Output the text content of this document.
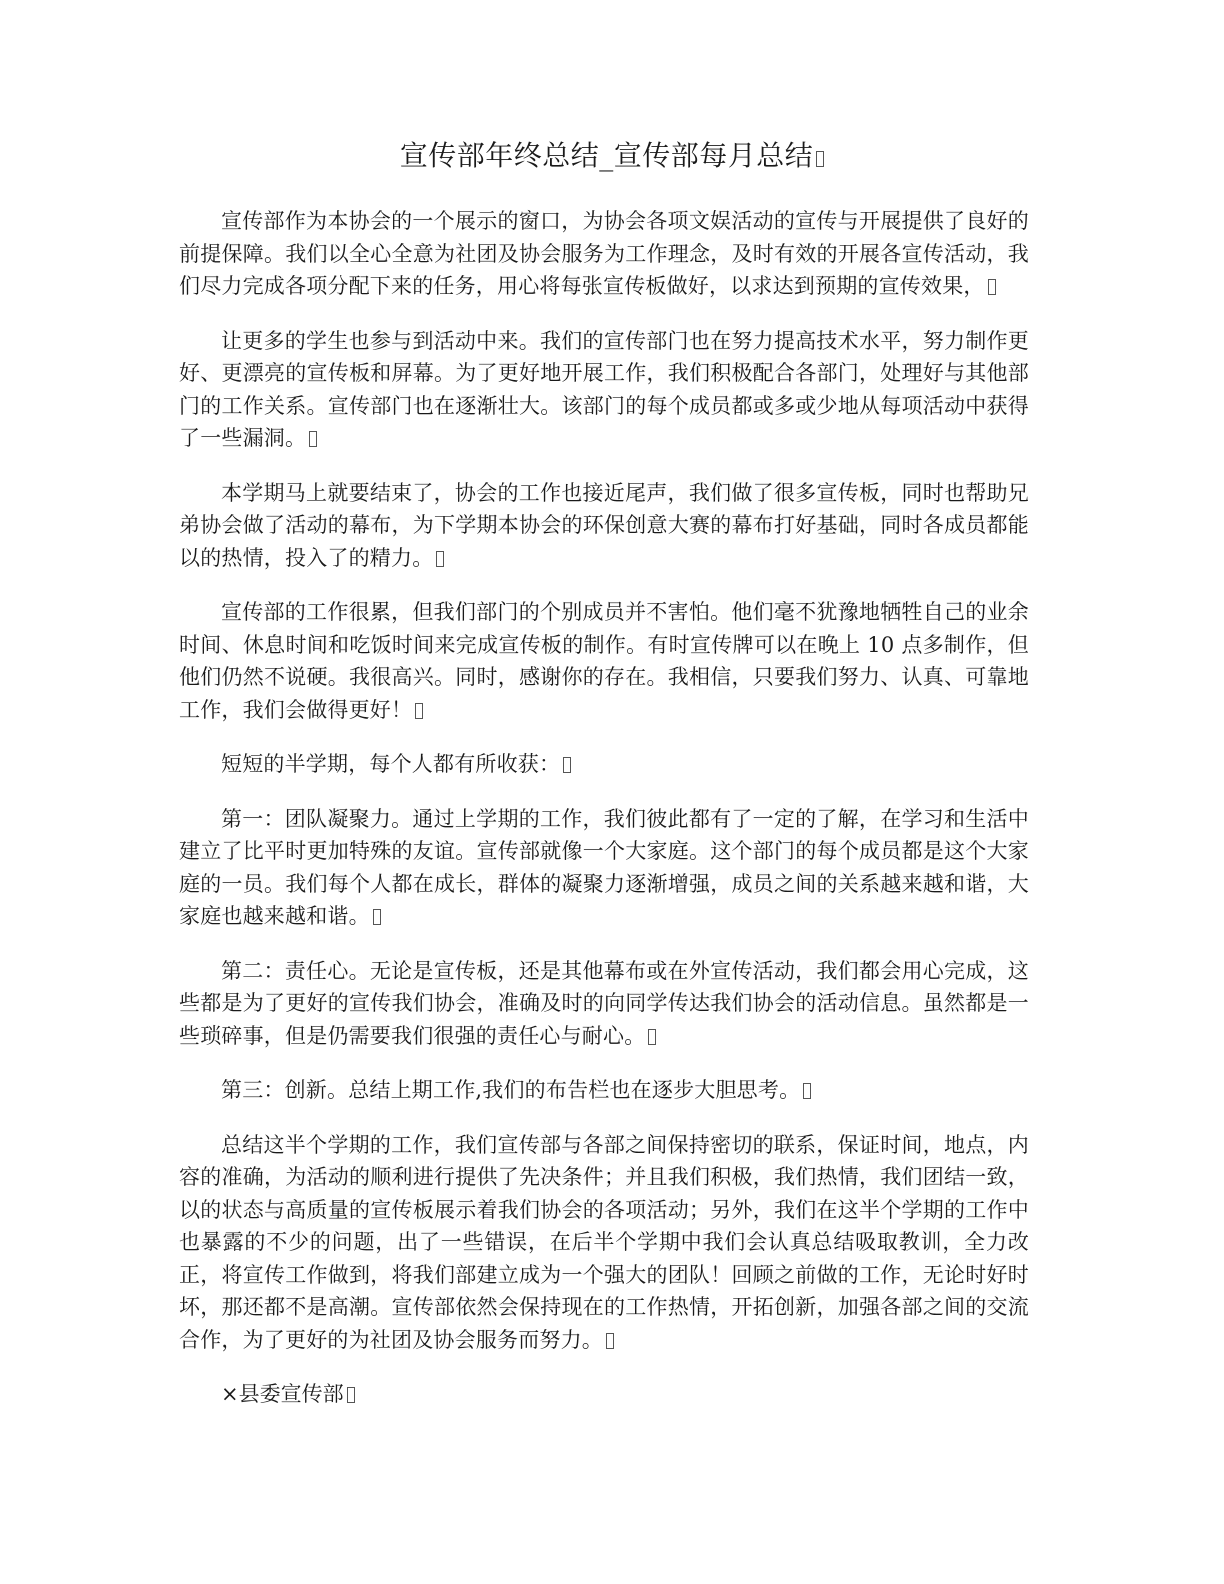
宣传部年终总结_宣传部每月总结

宣传部作为本协会的一个展示的窗口，为协会各项文娱活动的宣传与开展提供了良好的前提保障。我们以全心全意为社团及协会服务为工作理念，及时有效的开展各宣传活动，我们尽力完成各项分配下来的任务，用心将每张宣传板做好，以求达到预期的宣传效果，

让更多的学生也参与到活动中来。我们的宣传部门也在努力提高技术水平，努力制作更好、更漂亮的宣传板和屏幕。为了更好地开展工作，我们积极配合各部门，处理好与其他部门的工作关系。宣传部门也在逐渐壮大。该部门的每个成员都或多或少地从每项活动中获得了一些漏洞。

本学期马上就要结束了，协会的工作也接近尾声，我们做了很多宣传板，同时也帮助兄弟协会做了活动的幕布，为下学期本协会的环保创意大赛的幕布打好基础，同时各成员都能以的热情，投入了的精力。

宣传部的工作很累，但我们部门的个别成员并不害怕。他们毫不犹豫地牺牲自己的业余时间、休息时间和吃饭时间来完成宣传板的制作。有时宣传牌可以在晚上 10 点多制作，但他们仍然不说硬。我很高兴。同时，感谢你的存在。我相信，只要我们努力、认真、可靠地工作，我们会做得更好！

短短的半学期，每个人都有所收获：

第一：团队凝聚力。通过上学期的工作，我们彼此都有了一定的了解，在学习和生活中建立了比平时更加特殊的友谊。宣传部就像一个大家庭。这个部门的每个成员都是这个大家庭的一员。我们每个人都在成长，群体的凝聚力逐渐增强，成员之间的关系越来越和谐，大家庭也越来越和谐。

第二：责任心。无论是宣传板，还是其他幕布或在外宣传活动，我们都会用心完成，这些都是为了更好的宣传我们协会，准确及时的向同学传达我们协会的活动信息。虽然都是一些琐碎事，但是仍需要我们很强的责任心与耐心。

第三：创新。总结上期工作,我们的布告栏也在逐步大胆思考。

总结这半个学期的工作，我们宣传部与各部之间保持密切的联系，保证时间，地点，内容的准确，为活动的顺利进行提供了先决条件；并且我们积极，我们热情，我们团结一致，以的状态与高质量的宣传板展示着我们协会的各项活动；另外，我们在这半个学期的工作中也暴露的不少的问题，出了一些错误，在后半个学期中我们会认真总结吸取教训，全力改正，将宣传工作做到，将我们部建立成为一个强大的团队！回顾之前做的工作，无论时好时坏，那还都不是高潮。宣传部依然会保持现在的工作热情，开拓创新，加强各部之间的交流合作，为了更好的为社团及协会服务而努力。

×县委宣传部
